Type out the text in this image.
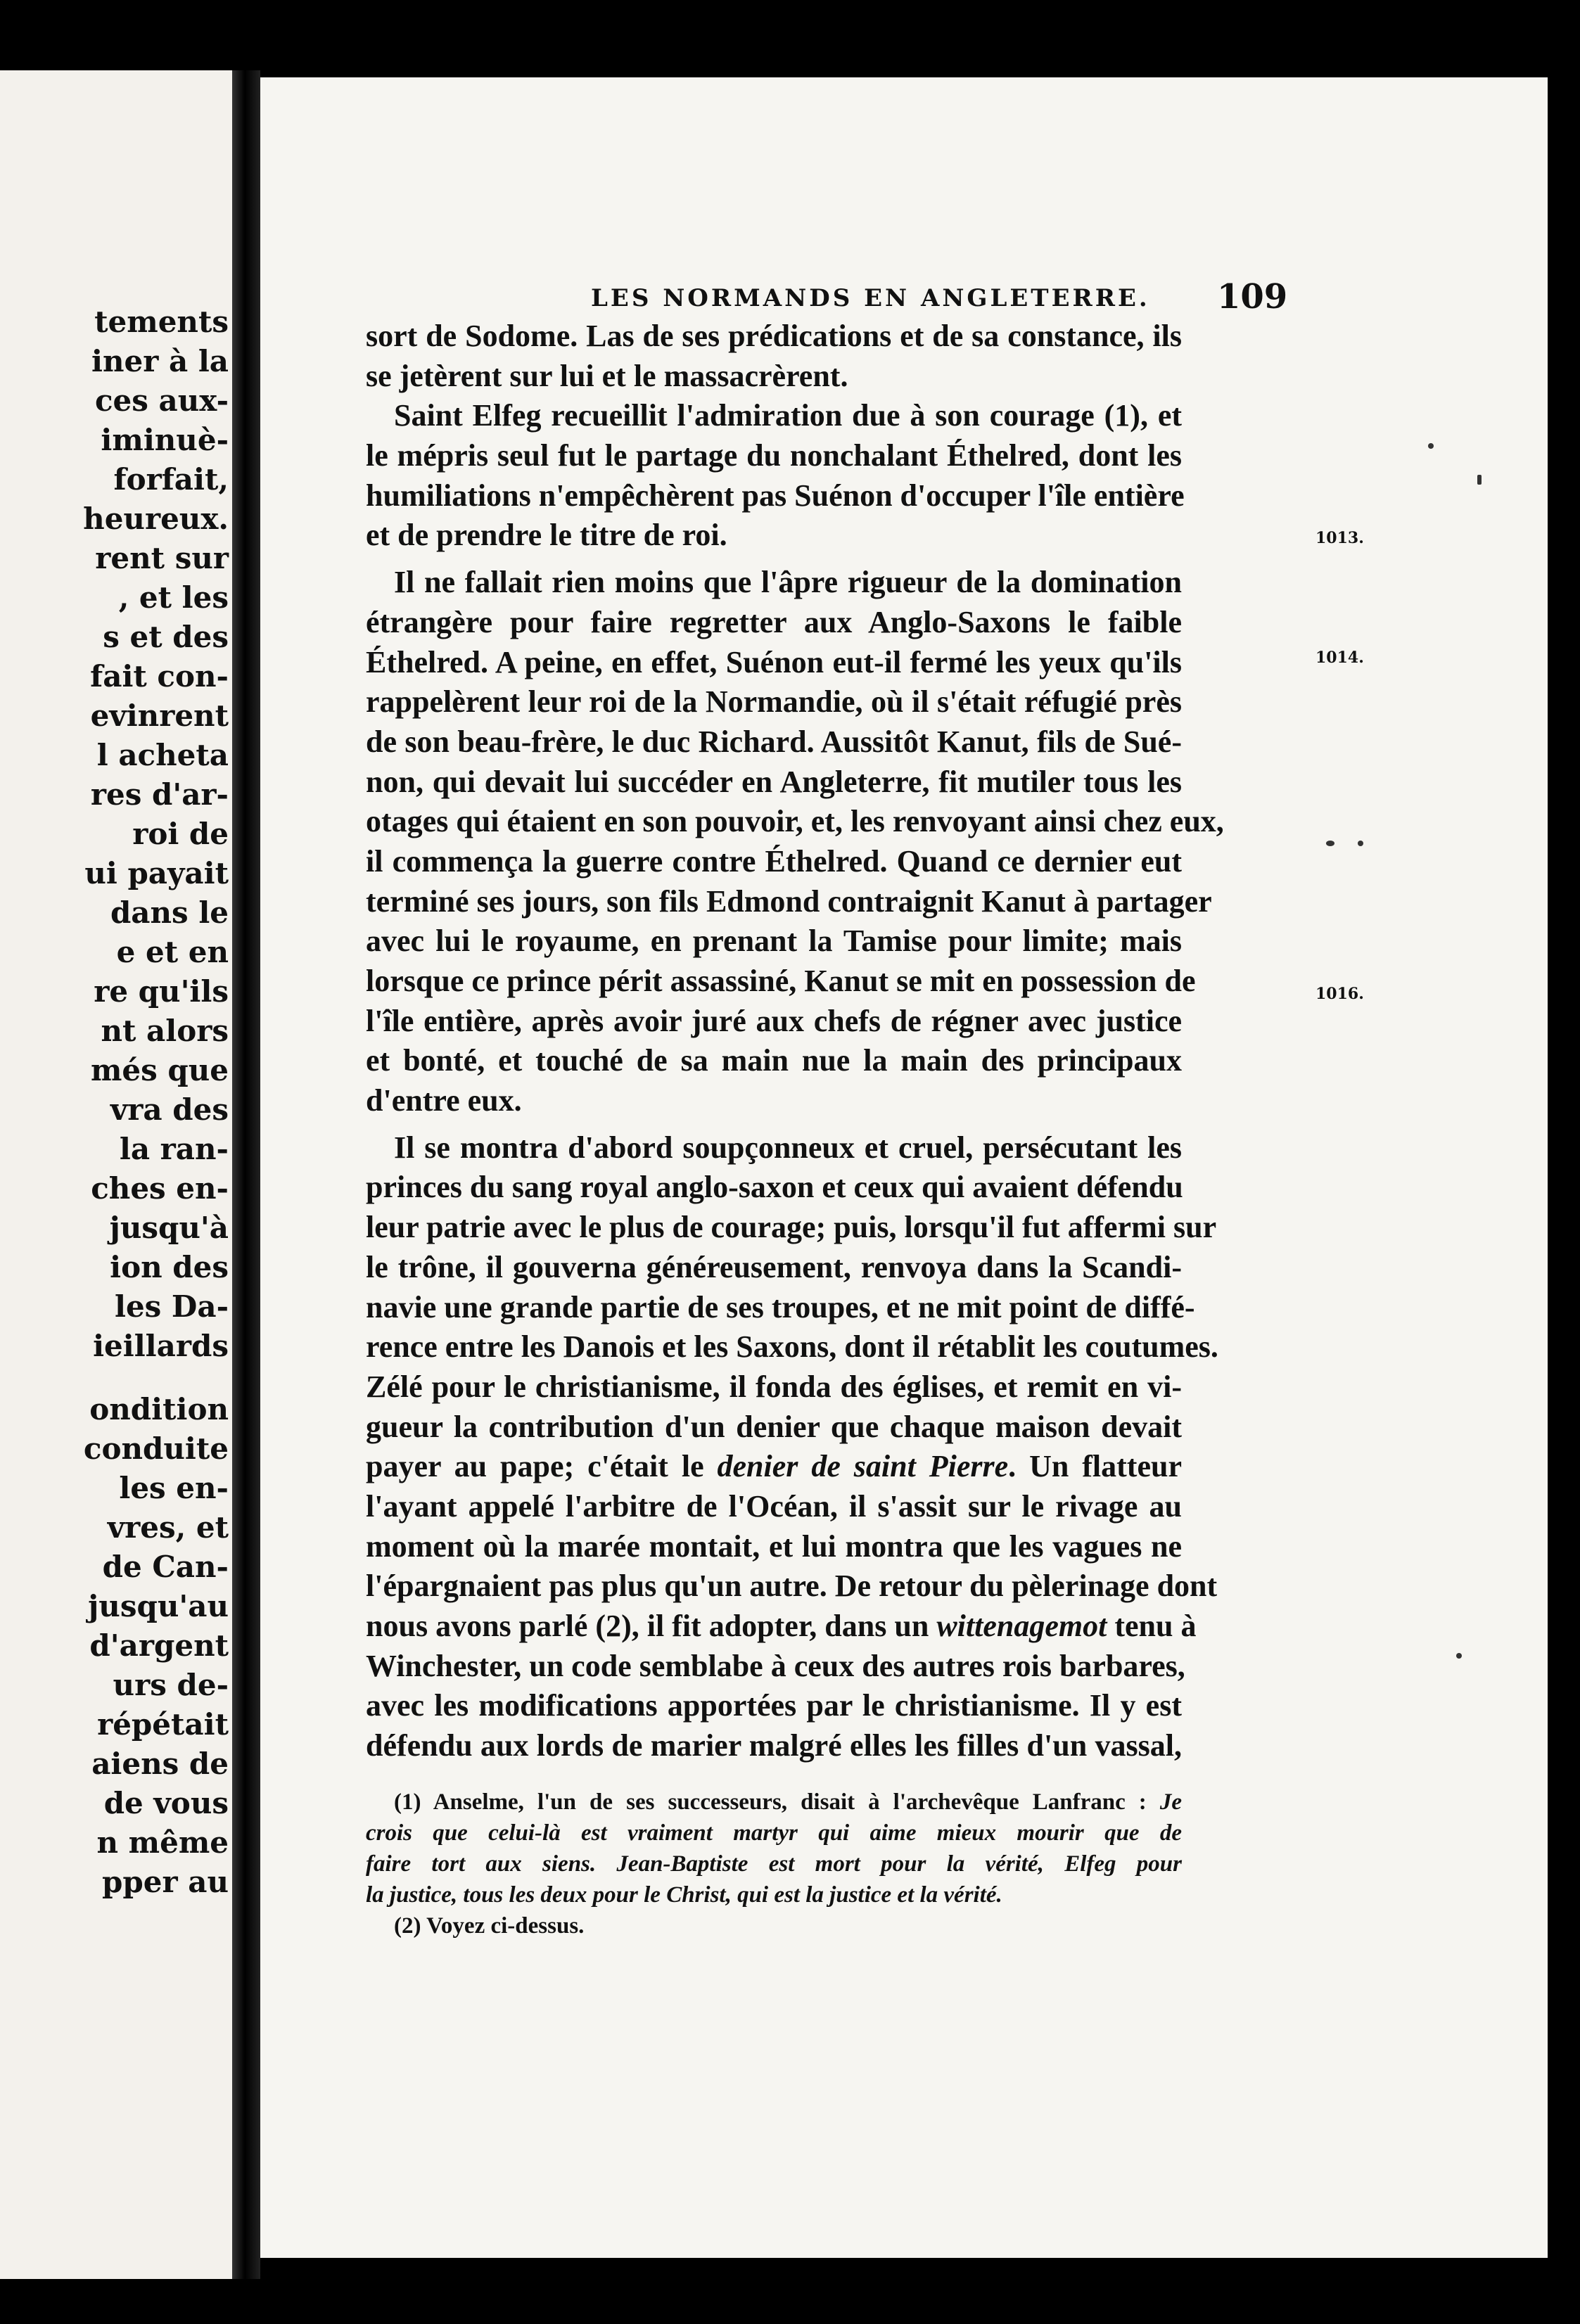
tements
iner à la
ces aux-
iminuè-
forfait,
heureux.
rent sur
, et les
s et des
fait con-
evinrent
l acheta
res d'ar-
roi de
ui payait
dans le
e et en
re qu'ils
nt alors
més que
vra des
la ran-
ches en-
jusqu'à
ion des
les Da-
ieillards
ondition
conduite
les en-
vres, et
de Can-
jusqu'au
d'argent
urs de-
répétait
aiens de
de vous
n même
pper au
LES NORMANDS EN ANGLETERRE. 109
1013.
1014.
1016.
sort de Sodome. Las de ses prédications et de sa constance, ils
se jetèrent sur lui et le massacrèrent.
Saint Elfeg recueillit l'admiration due à son courage (1), et
le mépris seul fut le partage du nonchalant Éthelred, dont les
humiliations n'empêchèrent pas Suénon d'occuper l'île entière
et de prendre le titre de roi.
Il ne fallait rien moins que l'âpre rigueur de la domination
étrangère pour faire regretter aux Anglo-Saxons le faible
Éthelred. A peine, en effet, Suénon eut-il fermé les yeux qu'ils
rappelèrent leur roi de la Normandie, où il s'était réfugié près
de son beau-frère, le duc Richard. Aussitôt Kanut, fils de Sué-
non, qui devait lui succéder en Angleterre, fit mutiler tous les
otages qui étaient en son pouvoir, et, les renvoyant ainsi chez eux,
il commença la guerre contre Éthelred. Quand ce dernier eut
terminé ses jours, son fils Edmond contraignit Kanut à partager
avec lui le royaume, en prenant la Tamise pour limite; mais
lorsque ce prince périt assassiné, Kanut se mit en possession de
l'île entière, après avoir juré aux chefs de régner avec justice
et bonté, et touché de sa main nue la main des principaux
d'entre eux.
Il se montra d'abord soupçonneux et cruel, persécutant les
princes du sang royal anglo-saxon et ceux qui avaient défendu
leur patrie avec le plus de courage; puis, lorsqu'il fut affermi sur
le trône, il gouverna généreusement, renvoya dans la Scandi-
navie une grande partie de ses troupes, et ne mit point de diffé-
rence entre les Danois et les Saxons, dont il rétablit les coutumes.
Zélé pour le christianisme, il fonda des églises, et remit en vi-
gueur la contribution d'un denier que chaque maison devait
payer au pape; c'était le denier de saint Pierre. Un flatteur
l'ayant appelé l'arbitre de l'Océan, il s'assit sur le rivage au
moment où la marée montait, et lui montra que les vagues ne
l'épargnaient pas plus qu'un autre. De retour du pèlerinage dont
nous avons parlé (2), il fit adopter, dans un wittenagemot tenu à
Winchester, un code semblabe à ceux des autres rois barbares,
avec les modifications apportées par le christianisme. Il y est
défendu aux lords de marier malgré elles les filles d'un vassal,
(1) Anselme, l'un de ses successeurs, disait à l'archevêque Lanfranc : Je
crois que celui-là est vraiment martyr qui aime mieux mourir que de
faire tort aux siens. Jean-Baptiste est mort pour la vérité, Elfeg pour
la justice, tous les deux pour le Christ, qui est la justice et la vérité.
(2) Voyez ci-dessus.
